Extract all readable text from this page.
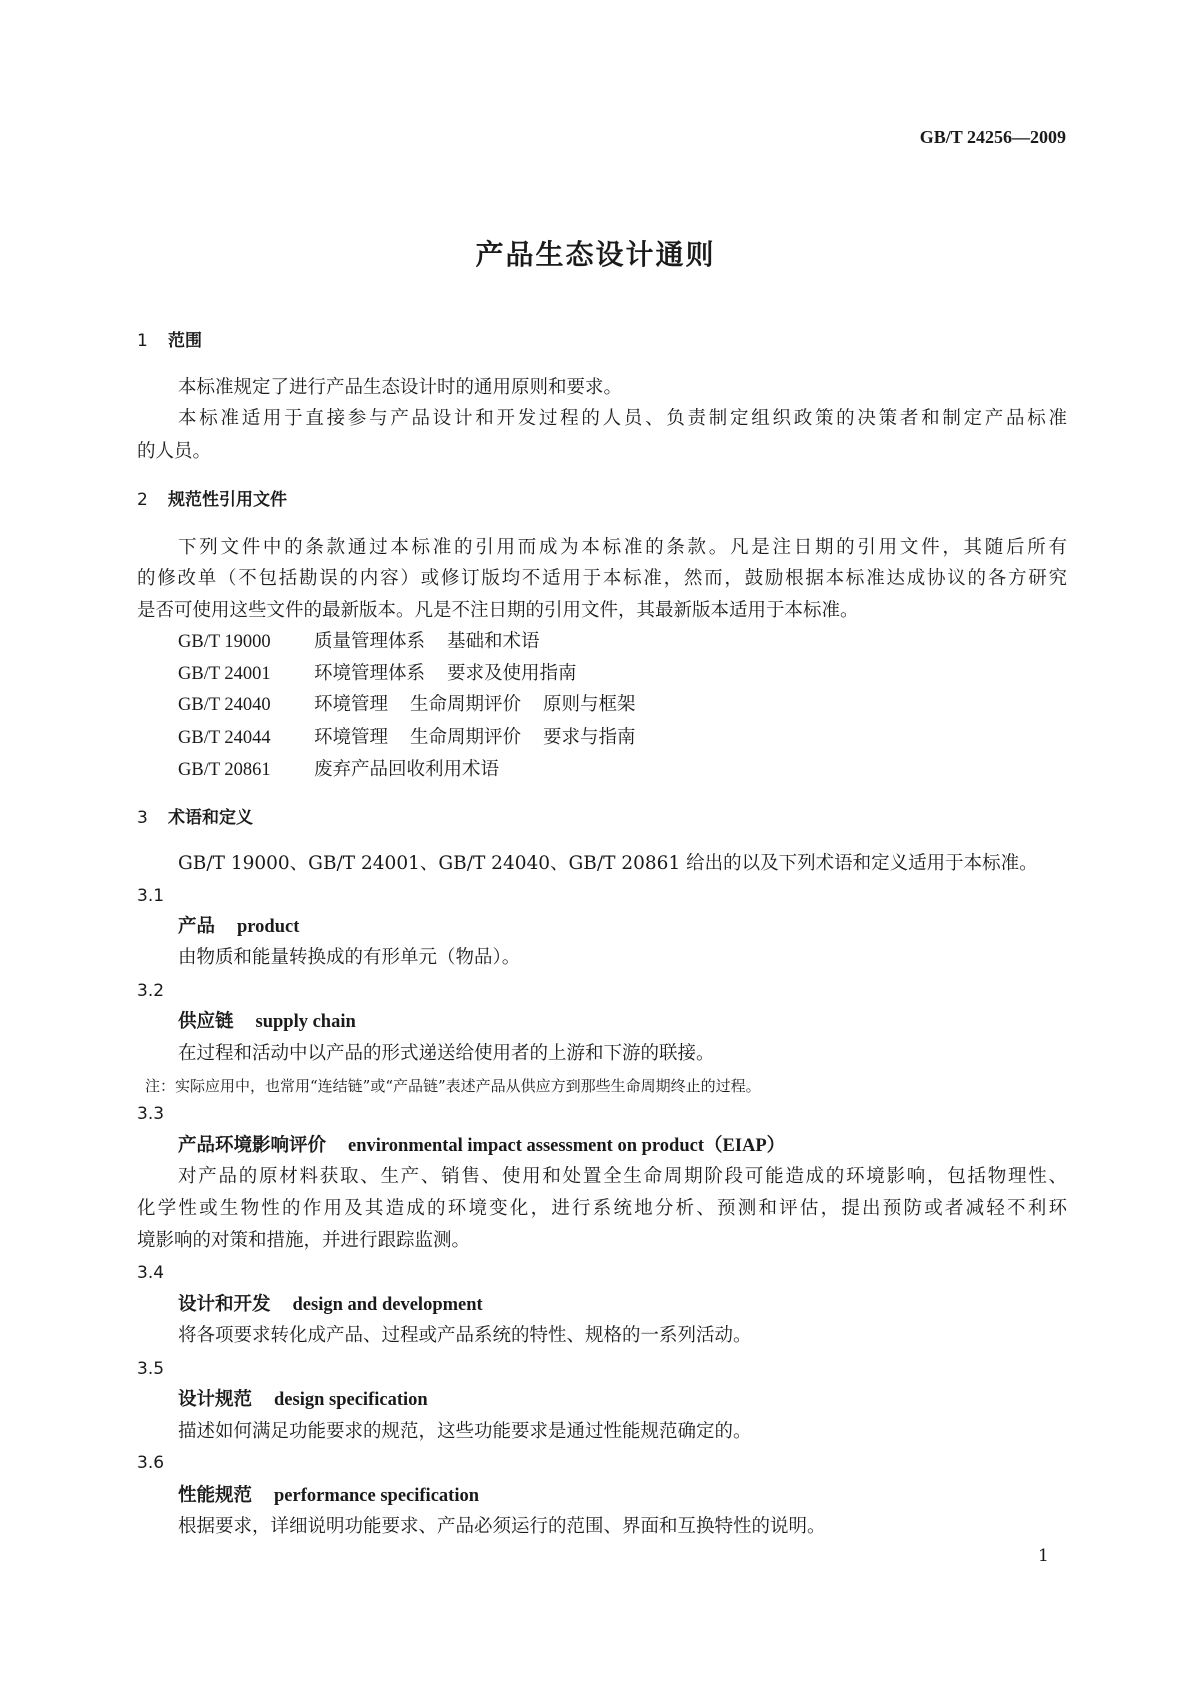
GB/T 24256—2009
产品生态设计通则
1 范围
本标准规定了进行产品生态设计时的通用原则和要求。
本标准适用于直接参与产品设计和开发过程的人员、负责制定组织政策的决策者和制定产品标准
的人员。
2 规范性引用文件
下列文件中的条款通过本标准的引用而成为本标准的条款。凡是注日期的引用文件，其随后所有
的修改单（不包括勘误的内容）或修订版均不适用于本标准，然而，鼓励根据本标准达成协议的各方研究
是否可使用这些文件的最新版本。凡是不注日期的引用文件，其最新版本适用于本标准。
GB/T 19000 质量管理体系 基础和术语
GB/T 24001 环境管理体系 要求及使用指南
GB/T 24040 环境管理 生命周期评价 原则与框架
GB/T 24044 环境管理 生命周期评价 要求与指南
GB/T 20861 废弃产品回收利用术语
3 术语和定义
GB/T 19000、GB/T 24001、GB/T 24040、GB/T 20861 给出的以及下列术语和定义适用于本标准。
3.1
产品 product
由物质和能量转换成的有形单元（物品）。
3.2
供应链 supply chain
在过程和活动中以产品的形式递送给使用者的上游和下游的联接。
注：实际应用中，也常用“连结链”或“产品链”表述产品从供应方到那些生命周期终止的过程。
3.3
产品环境影响评价 environmental impact assessment on product（EIAP）
对产品的原材料获取、生产、销售、使用和处置全生命周期阶段可能造成的环境影响，包括物理性、
化学性或生物性的作用及其造成的环境变化，进行系统地分析、预测和评估，提出预防或者减轻不利环
境影响的对策和措施，并进行跟踪监测。
3.4
设计和开发 design and development
将各项要求转化成产品、过程或产品系统的特性、规格的一系列活动。
3.5
设计规范 design specification
描述如何满足功能要求的规范，这些功能要求是通过性能规范确定的。
3.6
性能规范 performance specification
根据要求，详细说明功能要求、产品必须运行的范围、界面和互换特性的说明。
1
